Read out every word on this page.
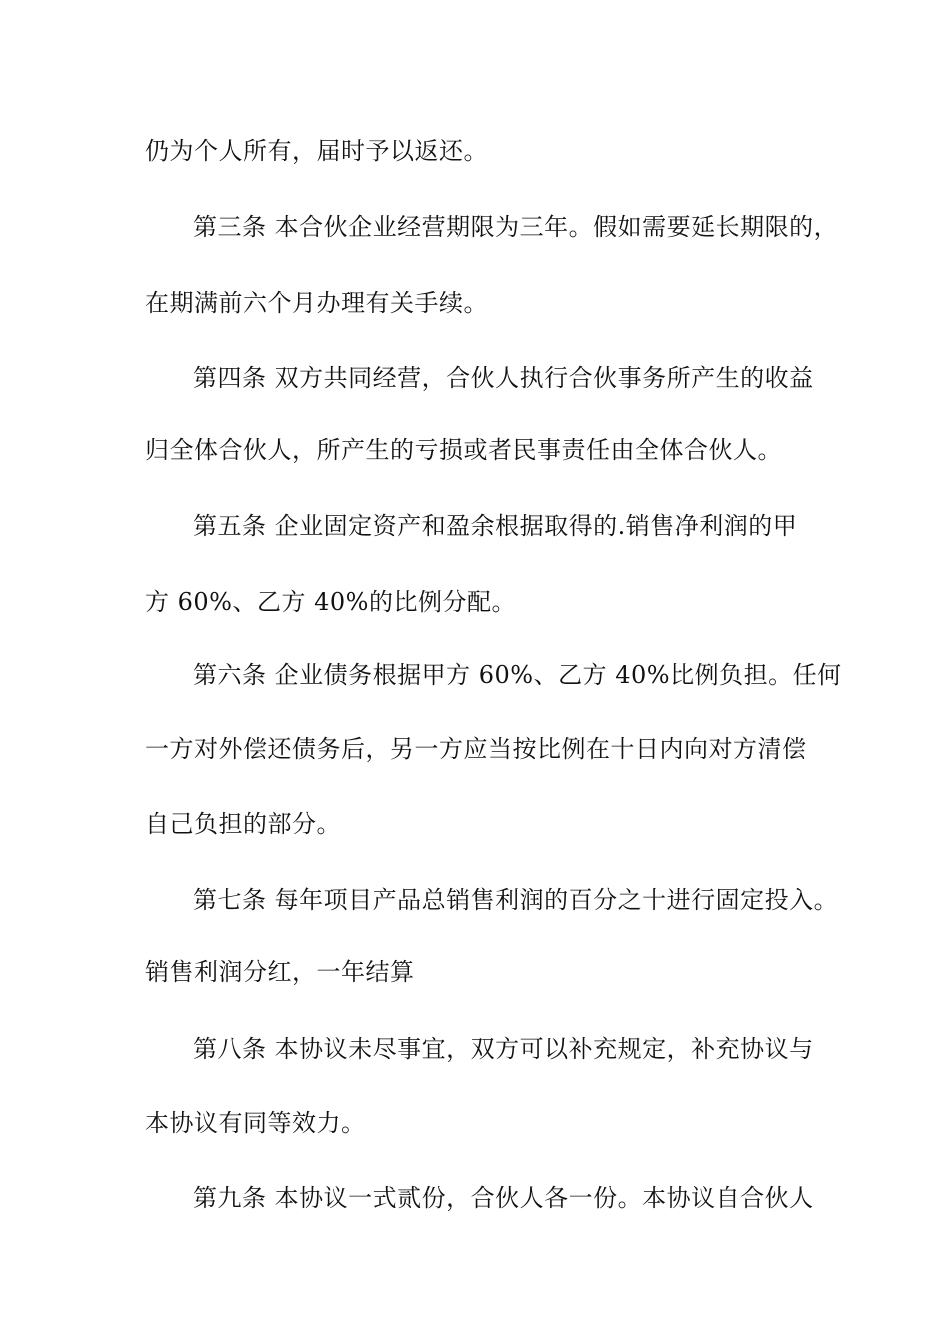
仍为个人所有，届时予以返还。
第三条 本合伙企业经营期限为三年。假如需要延长期限的，
在期满前六个月办理有关手续。
第四条 双方共同经营，合伙人执行合伙事务所产生的收益
归全体合伙人，所产生的亏损或者民事责任由全体合伙人。
第五条 企业固定资产和盈余根据取得的.销售净利润的甲
方 60%、乙方 40%的比例分配。
第六条 企业债务根据甲方 60%、乙方 40%比例负担。任何
一方对外偿还债务后，另一方应当按比例在十日内向对方清偿
自己负担的部分。
第七条 每年项目产品总销售利润的百分之十进行固定投入。
销售利润分红，一年结算
第八条 本协议未尽事宜，双方可以补充规定，补充协议与
本协议有同等效力。
第九条 本协议一式贰份，合伙人各一份。本协议自合伙人
